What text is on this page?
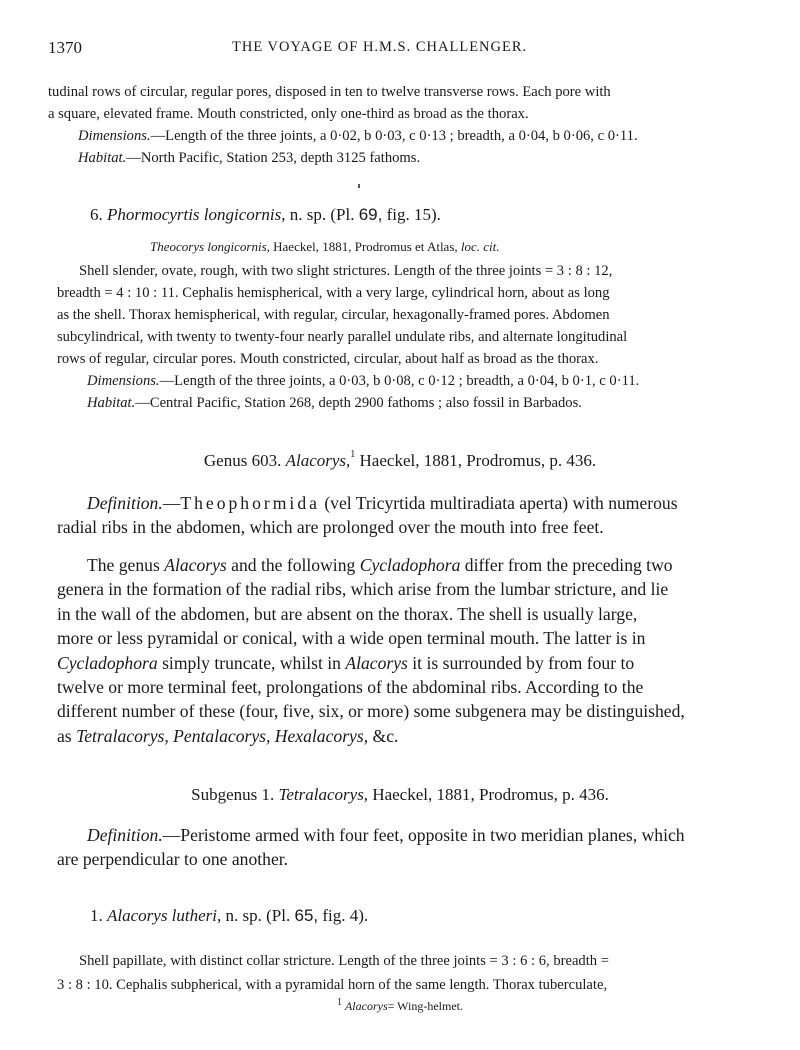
1370	THE VOYAGE OF H.M.S. CHALLENGER.
tudinal rows of circular, regular pores, disposed in ten to twelve transverse rows. Each pore with
a square, elevated frame. Mouth constricted, only one-third as broad as the thorax.
Dimensions.—Length of the three joints, a 0·02, b 0·03, c 0·13 ; breadth, a 0·04, b 0·06, c 0·11.
Habitat.—North Pacific, Station 253, depth 3125 fathoms.
6. Phormocyrtis longicornis, n. sp. (Pl. 69, fig. 15).
Theocorys longicornis, Haeckel, 1881, Prodromus et Atlas, loc. cit.
Shell slender, ovate, rough, with two slight strictures. Length of the three joints = 3 : 8 : 12,
breadth = 4 : 10 : 11. Cephalis hemispherical, with a very large, cylindrical horn, about as long
as the shell. Thorax hemispherical, with regular, circular, hexagonally-framed pores. Abdomen
subcylindrical, with twenty to twenty-four nearly parallel undulate ribs, and alternate longitudinal
rows of regular, circular pores. Mouth constricted, circular, about half as broad as the thorax.
Dimensions.—Length of the three joints, a 0·03, b 0·08, c 0·12 ; breadth, a 0·04, b 0·1, c 0·11.
Habitat.—Central Pacific, Station 268, depth 2900 fathoms ; also fossil in Barbados.
Genus 603. Alacorys,$^1$ Haeckel, 1881, Prodromus, p. 436.
Definition.—Theophormida (vel Tricyrtida multiradiata aperta) with numerous
radial ribs in the abdomen, which are prolonged over the mouth into free feet.
The genus Alacorys and the following Cycladophora differ from the preceding two
genera in the formation of the radial ribs, which arise from the lumbar stricture, and lie
in the wall of the abdomen, but are absent on the thorax. The shell is usually large,
more or less pyramidal or conical, with a wide open terminal mouth. The latter is in
Cycladophora simply truncate, whilst in Alacorys it is surrounded by from four to
twelve or more terminal feet, prolongations of the abdominal ribs. According to the
different number of these (four, five, six, or more) some subgenera may be distinguished,
as Tetralacorys, Pentalacorys, Hexalacorys, &c.
Subgenus 1. Tetralacorys, Haeckel, 1881, Prodromus, p. 436.
Definition.—Peristome armed with four feet, opposite in two meridian planes, which
are perpendicular to one another.
1. Alacorys lutheri, n. sp. (Pl. 65, fig. 4).
Shell papillate, with distinct collar stricture. Length of the three joints = 3 : 6 : 6, breadth =
3 : 8 : 10. Cephalis subpherical, with a pyramidal horn of the same length. Thorax tuberculate,
$^1$ Alacorys= Wing-helmet.
